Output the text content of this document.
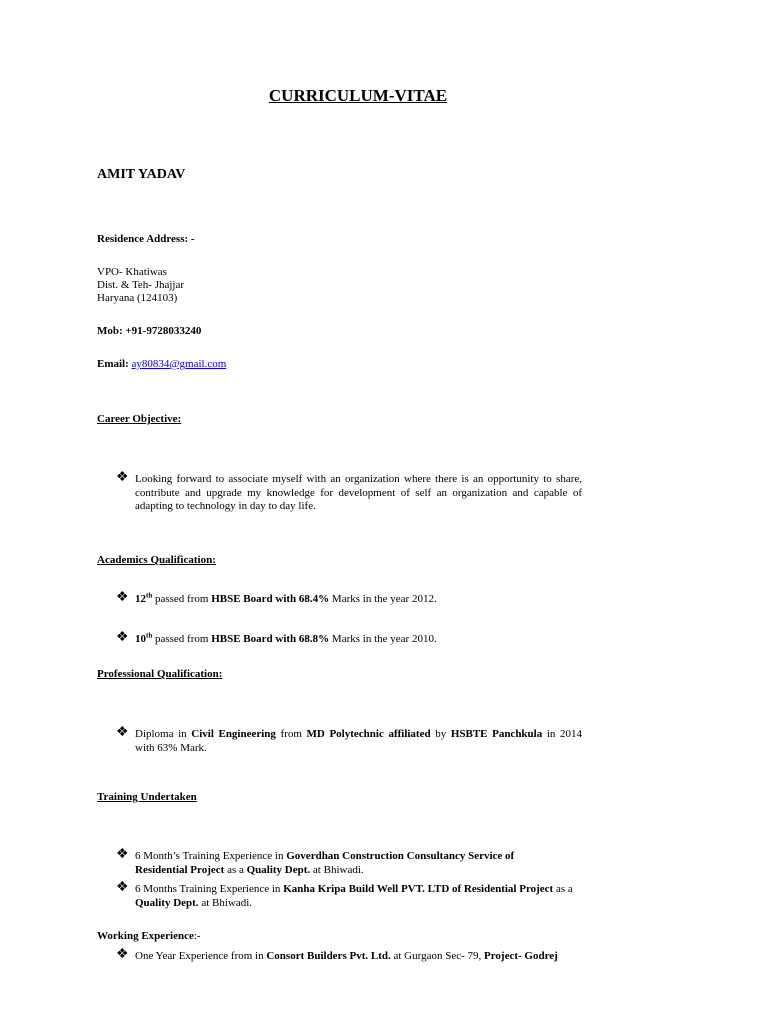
CURRICULUM-VITAE
AMIT YADAV
Residence Address: -
VPO- Khatiwas
Dist. & Teh- Jhajjar
Haryana (124103)
Mob: +91-9728033240
Email: ay80834@gmail.com
Career Objective:
❖ Looking forward to associate myself with an organization where there is an opportunity to share, contribute and upgrade my knowledge for development of self an organization and capable of adapting to technology in day to day life.
Academics Qualification:
❖ 12th passed from HBSE Board with 68.4% Marks in the year 2012.
❖ 10th passed from HBSE Board with 68.8% Marks in the year 2010.
Professional Qualification:
❖ Diploma in Civil Engineering from MD Polytechnic affiliated by HSBTE Panchkula in 2014 with 63% Mark.
Training Undertaken
❖ 6 Month’s Training Experience in Goverdhan Construction Consultancy Service of Residential Project as a Quality Dept. at Bhiwadi.
❖ 6 Months Training Experience in Kanha Kripa Build Well PVT. LTD of Residential Project as a Quality Dept. at Bhiwadi.
Working Experience:-
❖ One Year Experience from in Consort Builders Pvt. Ltd. at Gurgaon Sec- 79, Project- Godrej
